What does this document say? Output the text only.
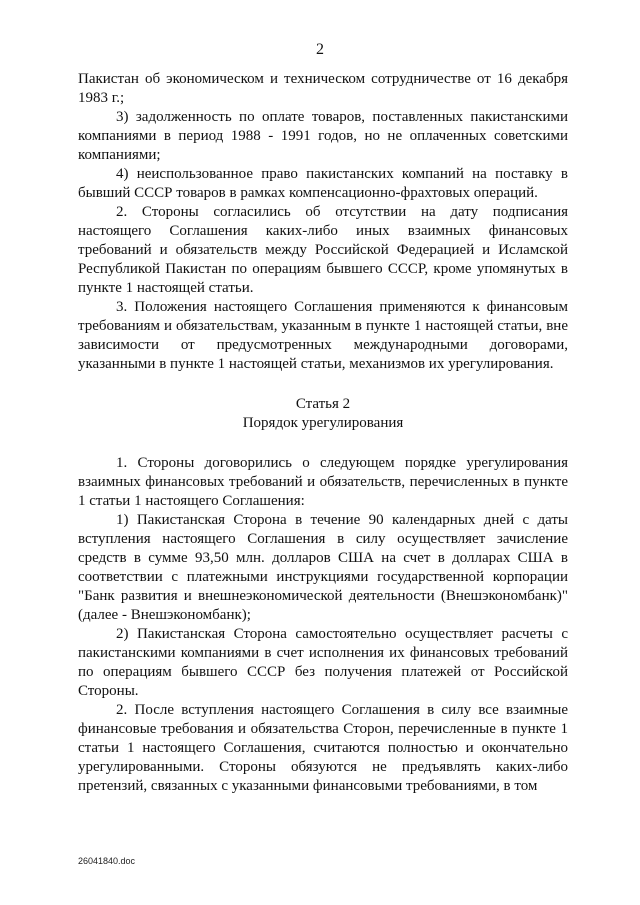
2

Пакистан об экономическом и техническом сотрудничестве от 16 декабря 1983 г.;

3) задолженность по оплате товаров, поставленных пакистанскими компаниями в период 1988 - 1991 годов, но не оплаченных советскими компаниями;

4) неиспользованное право пакистанских компаний на поставку в бывший СССР товаров в рамках компенсационно-фрахтовых операций.

2. Стороны согласились об отсутствии на дату подписания настоящего Соглашения каких-либо иных взаимных финансовых требований и обязательств между Российской Федерацией и Исламской Республикой Пакистан по операциям бывшего СССР, кроме упомянутых в пункте 1 настоящей статьи.

3. Положения настоящего Соглашения применяются к финансовым требованиям и обязательствам, указанным в пункте 1 настоящей статьи, вне зависимости от предусмотренных международными договорами, указанными в пункте 1 настоящей статьи, механизмов их урегулирования.

Статья 2
Порядок урегулирования

1. Стороны договорились о следующем порядке урегулирования взаимных финансовых требований и обязательств, перечисленных в пункте 1 статьи 1 настоящего Соглашения:

1) Пакистанская Сторона в течение 90 календарных дней с даты вступления настоящего Соглашения в силу осуществляет зачисление средств в сумме 93,50 млн. долларов США на счет в долларах США в соответствии с платежными инструкциями государственной корпорации "Банк развития и внешнеэкономической деятельности (Внешэкономбанк)" (далее - Внешэкономбанк);

2) Пакистанская Сторона самостоятельно осуществляет расчеты с пакистанскими компаниями в счет исполнения их финансовых требований по операциям бывшего СССР без получения платежей от Российской Стороны.

2. После вступления настоящего Соглашения в силу все взаимные финансовые требования и обязательства Сторон, перечисленные в пункте 1 статьи 1 настоящего Соглашения, считаются полностью и окончательно урегулированными. Стороны обязуются не предъявлять каких-либо претензий, связанных с указанными финансовыми требованиями, в том

26041840.doc
